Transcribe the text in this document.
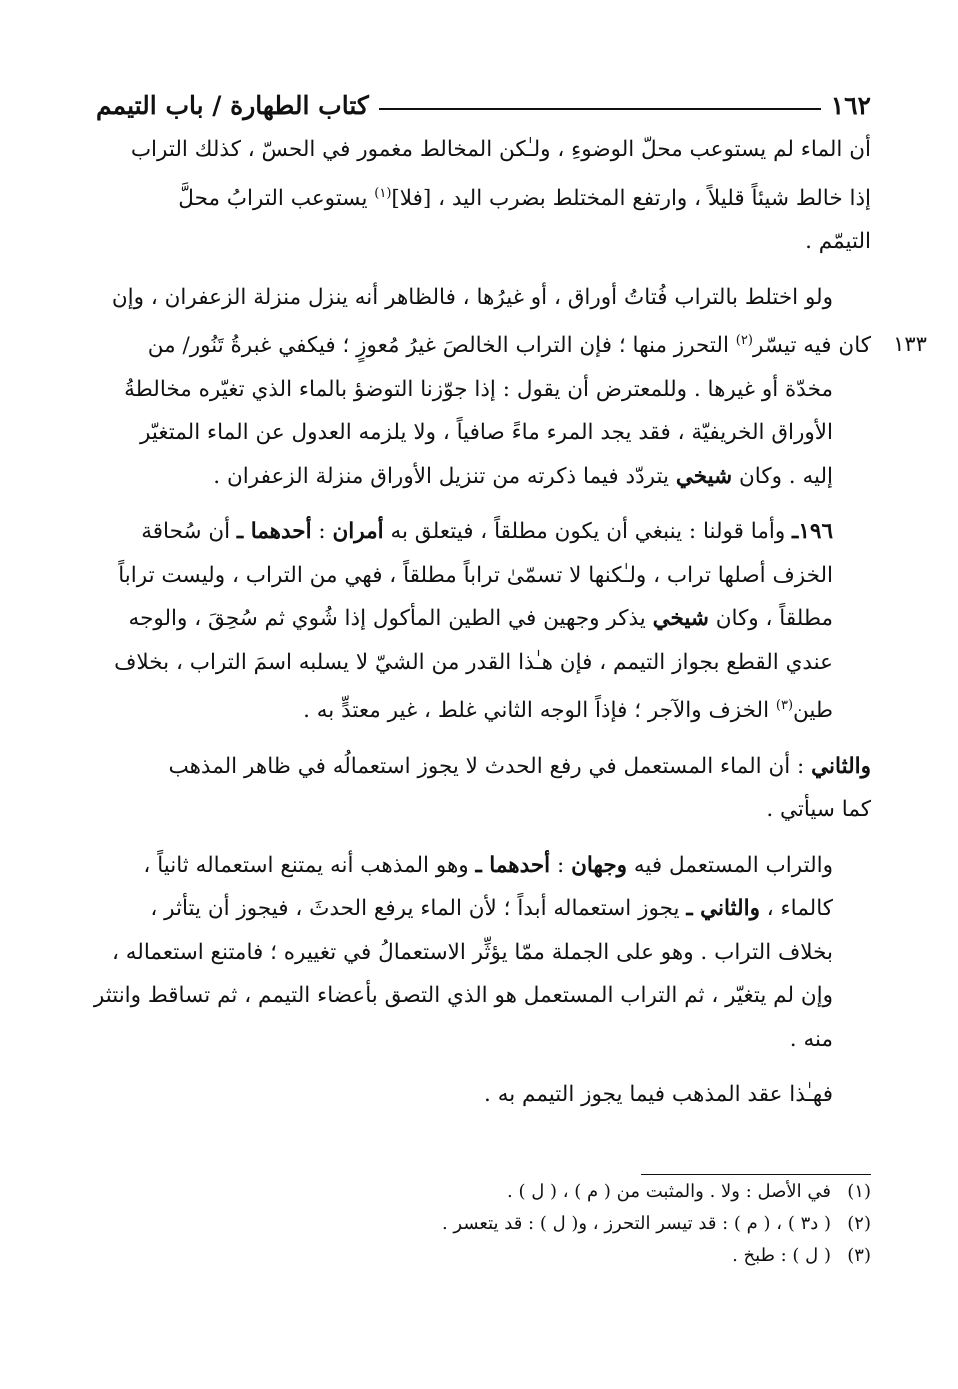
١٦٢
كتاب الطهارة / باب التيمم
١٣٣

أن الماء لم يستوعب محلّ الوضوءِ ، ولـٰكن المخالط مغمور في الحسّ ، كذلك التراب
إذا خالط شيئاً قليلاً ، وارتفع المختلط بضرب اليد ، [فلا]$^{(١)}$ يستوعب الترابُ محلَّ
التيمّم .

ولو اختلط بالتراب فُتاتُ أوراق ، أو غيرُها ، فالظاهر أنه ينزل منزلة الزعفران ، وإن
كان فيه تيسّر$^{(٢)}$ التحرز منها ؛ فإن التراب الخالصَ غيرُ مُعوزٍ ؛ فيكفي غبرةُ تَنُور/ من
مخدّة أو غيرها . وللمعترض أن يقول : إذا جوّزنا التوضؤ بالماء الذي تغيّره مخالطةُ
الأوراق الخريفيّة ، فقد يجد المرء ماءً صافياً ، ولا يلزمه العدول عن الماء المتغيّر
إليه . وكان شيخي يتردّد فيما ذكرته من تنزيل الأوراق منزلة الزعفران .

١٩٦ـ وأما قولنا : ينبغي أن يكون مطلقاً ، فيتعلق به أمران : أحدهما ـ أن سُحاقة
الخزف أصلها تراب ، ولـٰكنها لا تسمّىٰ تراباً مطلقاً ، فهي من التراب ، وليست تراباً
مطلقاً ، وكان شيخي يذكر وجهين في الطين المأكول إذا شُوي ثم سُحِقَ ، والوجه
عندي القطع بجواز التيمم ، فإن هـٰذا القدر من الشيّ لا يسلبه اسمَ التراب ، بخلاف
طين$^{(٣)}$ الخزف والآجر ؛ فإذاً الوجه الثاني غلط ، غير معتدٍّ به .

والثاني : أن الماء المستعمل في رفع الحدث لا يجوز استعمالُه في ظاهر المذهب
كما سيأتي .

والتراب المستعمل فيه وجهان : أحدهما ـ وهو المذهب أنه يمتنع استعماله ثانياً ،
كالماء ، والثاني ـ يجوز استعماله أبداً ؛ لأن الماء يرفع الحدثَ ، فيجوز أن يتأثر ،
بخلاف التراب . وهو على الجملة ممّا يؤثِّر الاستعمالُ في تغييره ؛ فامتنع استعماله ،
وإن لم يتغيّر ، ثم التراب المستعمل هو الذي التصق بأعضاء التيمم ، ثم تساقط وانتثر
منه .

فهـٰذا عقد المذهب فيما يجوز التيمم به .

(١)في الأصل : ولا . والمثبت من ( م ) ، ( ل ) .
(٢)( د٣ ) ، ( م ) : قد تيسر التحرز ، و( ل ) : قد يتعسر .
(٣)( ل ) : طبخ .
